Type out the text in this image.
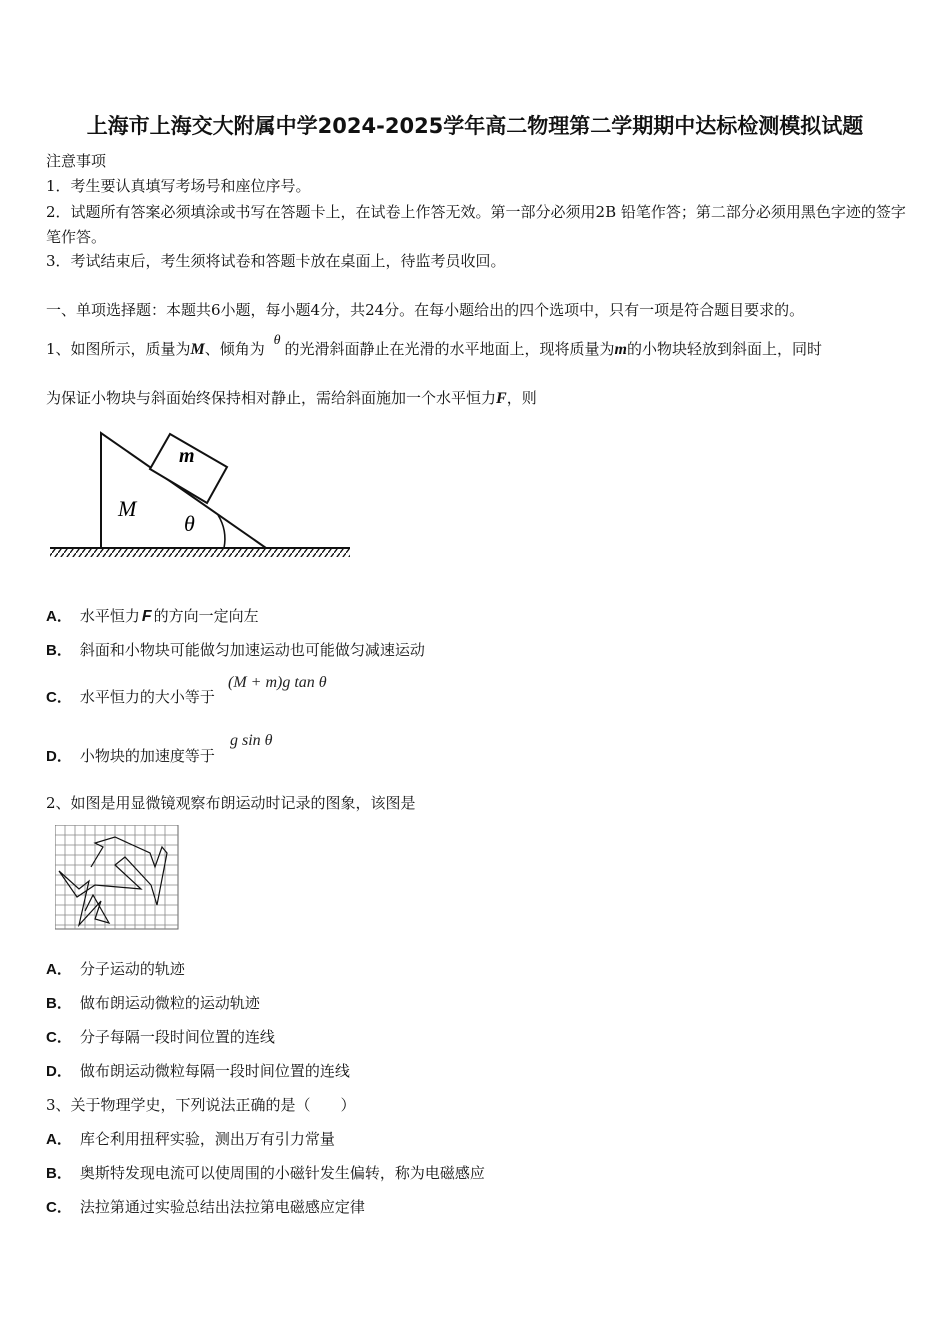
上海市上海交大附属中学2024-2025学年高二物理第二学期期中达标检测模拟试题
注意事项
1．考生要认真填写考场号和座位序号。
2．试题所有答案必须填涂或书写在答题卡上，在试卷上作答无效。第一部分必须用2B 铅笔作答；第二部分必须用黑色字迹的签字笔作答。
3．考试结束后，考生须将试卷和答题卡放在桌面上，待监考员收回。
一、单项选择题：本题共6小题，每小题4分，共24分。在每小题给出的四个选项中，只有一项是符合题目要求的。
1、如图所示，质量为M、倾角为 θ 的光滑斜面静止在光滑的水平地面上，现将质量为m的小物块轻放到斜面上，同时
为保证小物块与斜面始终保持相对静止，需给斜面施加一个水平恒力F，则
m
M
θ
A． 水平恒力 F 的方向一定向左
B． 斜面和小物块可能做匀加速运动也可能做匀减速运动
C． 水平恒力的大小等于
(M + m)g tan θ
D． 小物块的加速度等于
g sin θ
2、如图是用显微镜观察布朗运动时记录的图象，该图是
A． 分子运动的轨迹
B． 做布朗运动微粒的运动轨迹
C． 分子每隔一段时间位置的连线
D． 做布朗运动微粒每隔一段时间位置的连线
3、关于物理学史，下列说法正确的是（　　）
A． 库仑利用扭秤实验，测出万有引力常量
B． 奥斯特发现电流可以使周围的小磁针发生偏转，称为电磁感应
C． 法拉第通过实验总结出法拉第电磁感应定律
